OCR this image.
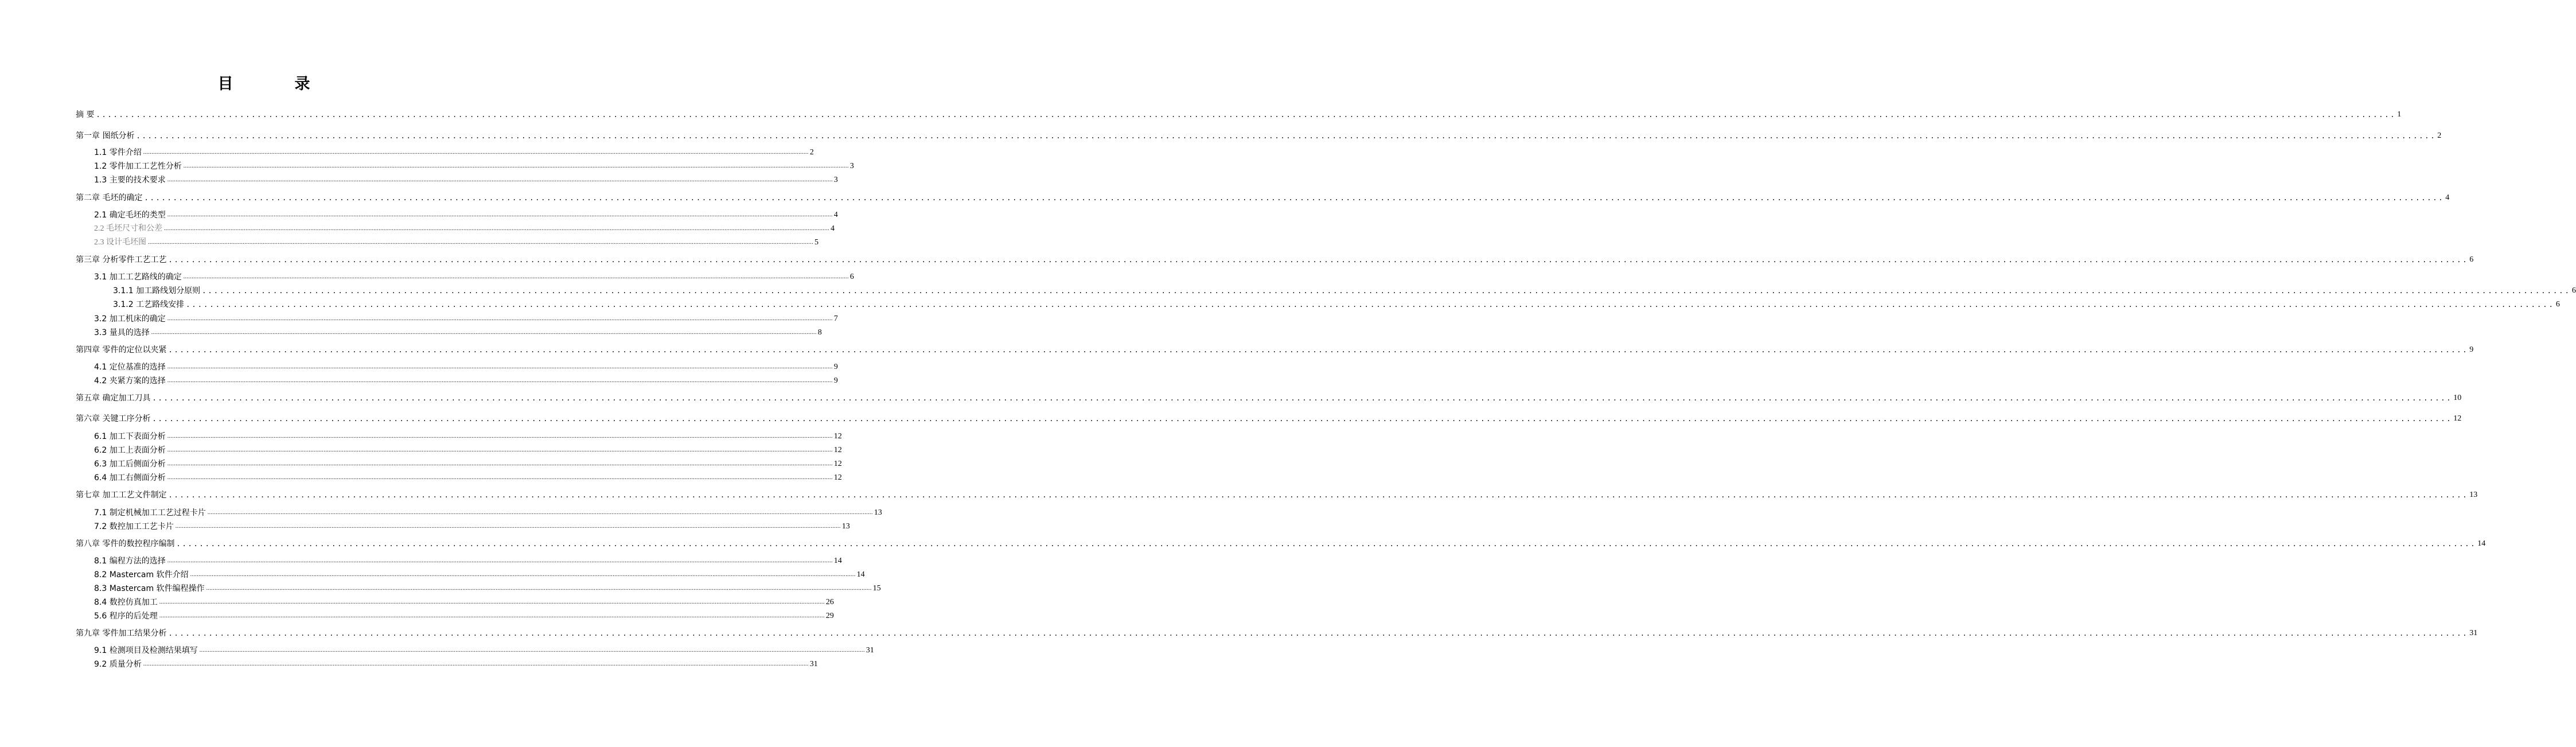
目　录
摘 要 ................................................................................................................................................................................................................................................................................................................................................................................................................ 1
第一章 图纸分析 ................................................................................................................................................................................................................................................................................................................................................................................................................ 2
1.1 零件介绍 ................................................................................................................................................................................................................................................................................................................................................................................................................ 2
1.2 零件加工工艺性分析 ................................................................................................................................................................................................................................................................................................................................................................................................................ 3
1.3 主要的技术要求 ................................................................................................................................................................................................................................................................................................................................................................................................................ 3
第二章 毛坯的确定 ................................................................................................................................................................................................................................................................................................................................................................................................................ 4
2.1 确定毛坯的类型 ................................................................................................................................................................................................................................................................................................................................................................................................................ 4
2.2 毛坯尺寸和公差 ................................................................................................................................................................................................................................................................................................................................................................................................................ 4
2.3 设计毛坯图 ................................................................................................................................................................................................................................................................................................................................................................................................................ 5
第三章 分析零件工艺工艺 ................................................................................................................................................................................................................................................................................................................................................................................................................ 6
3.1 加工工艺路线的确定 ................................................................................................................................................................................................................................................................................................................................................................................................................ 6
3.1.1 加工路线划分原则 ................................................................................................................................................................................................................................................................................................................................................................................................................ 6
3.1.2 工艺路线安排 ................................................................................................................................................................................................................................................................................................................................................................................................................ 6
3.2 加工机床的确定 ................................................................................................................................................................................................................................................................................................................................................................................................................ 7
3.3 量具的选择 ................................................................................................................................................................................................................................................................................................................................................................................................................ 8
第四章 零件的定位以夹紧 ................................................................................................................................................................................................................................................................................................................................................................................................................ 9
4.1 定位基准的选择 ................................................................................................................................................................................................................................................................................................................................................................................................................ 9
4.2 夹紧方案的选择 ................................................................................................................................................................................................................................................................................................................................................................................................................ 9
第五章 确定加工刀具 ................................................................................................................................................................................................................................................................................................................................................................................................................ 10
第六章 关键工序分析 ................................................................................................................................................................................................................................................................................................................................................................................................................ 12
6.1 加工下表面分析 ................................................................................................................................................................................................................................................................................................................................................................................................................ 12
6.2 加工上表面分析 ................................................................................................................................................................................................................................................................................................................................................................................................................ 12
6.3 加工后侧面分析 ................................................................................................................................................................................................................................................................................................................................................................................................................ 12
6.4 加工右侧面分析 ................................................................................................................................................................................................................................................................................................................................................................................................................ 12
第七章 加工工艺文件制定 ................................................................................................................................................................................................................................................................................................................................................................................................................ 13
7.1 制定机械加工工艺过程卡片 ................................................................................................................................................................................................................................................................................................................................................................................................................ 13
7.2 数控加工工艺卡片 ................................................................................................................................................................................................................................................................................................................................................................................................................ 13
第八章 零件的数控程序编制 ................................................................................................................................................................................................................................................................................................................................................................................................................ 14
8.1 编程方法的选择 ................................................................................................................................................................................................................................................................................................................................................................................................................ 14
8.2 Mastercam 软件介绍 ................................................................................................................................................................................................................................................................................................................................................................................................................ 14
8.3 Mastercam 软件编程操作 ................................................................................................................................................................................................................................................................................................................................................................................................................ 15
8.4 数控仿真加工 ................................................................................................................................................................................................................................................................................................................................................................................................................ 26
5.6 程序的后处理 ................................................................................................................................................................................................................................................................................................................................................................................................................ 29
第九章 零件加工结果分析 ................................................................................................................................................................................................................................................................................................................................................................................................................ 31
9.1 检测项目及检测结果填写 ................................................................................................................................................................................................................................................................................................................................................................................................................ 31
9.2 质量分析 ................................................................................................................................................................................................................................................................................................................................................................................................................ 31
